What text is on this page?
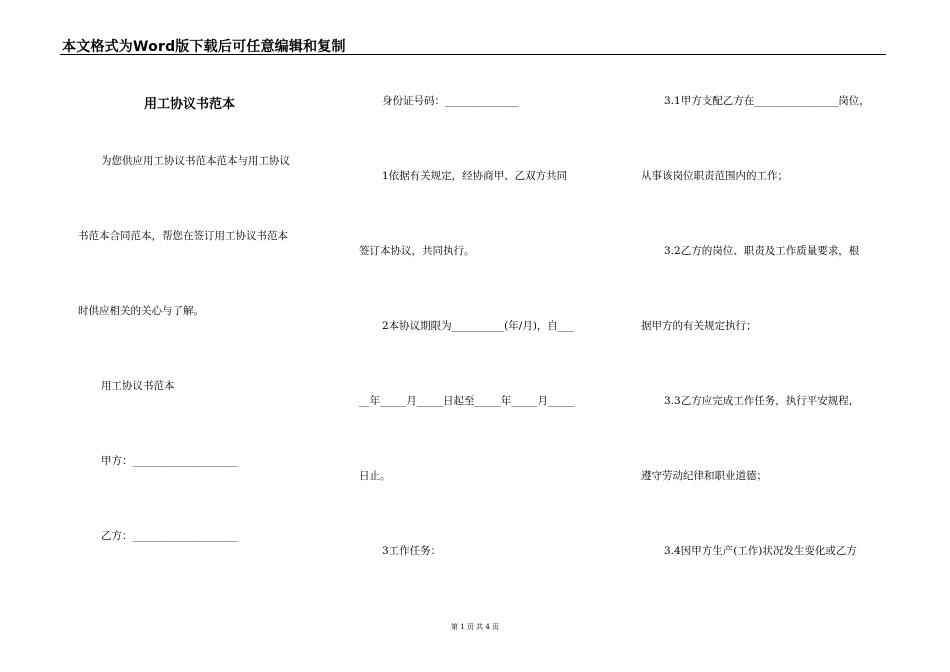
本文格式为Word版下载后可任意编辑和复制
用工协议书范本
为您供应用工协议书范本范本与用工协议
书范本合同范本，帮您在签订用工协议书范本
时供应相关的关心与了解。
用工协议书范本
甲方：____________________
乙方：____________________
身份证号码：______________
1依据有关规定，经协商甲、乙双方共同
签订本协议，共同执行。
2本协议期限为__________(年/月)，自___
__年_____月_____日起至_____年_____月_____
日止。
3工作任务：
3.1甲方支配乙方在________________岗位，
从事该岗位职责范围内的工作；
3.2乙方的岗位、职责及工作质量要求，根
据甲方的有关规定执行；
3.3乙方应完成工作任务，执行平安规程，
遵守劳动纪律和职业道德；
3.4因甲方生产(工作)状况发生变化或乙方
第 1 页 共 4 页
